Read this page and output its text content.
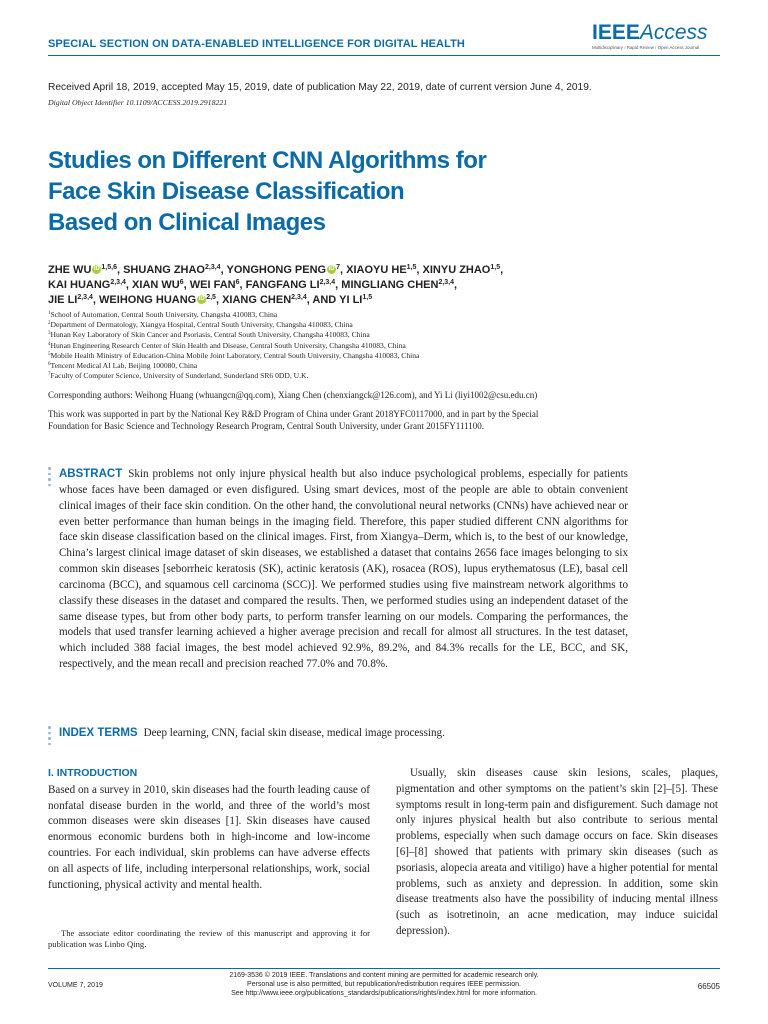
SPECIAL SECTION ON DATA-ENABLED INTELLIGENCE FOR DIGITAL HEALTH	IEEEAccess
Multidisciplinary ⁝ Rapid Review ⁝ Open Access Journal
Received April 18, 2019, accepted May 15, 2019, date of publication May 22, 2019, date of current version June 4, 2019.
Digital Object Identifier 10.1109/ACCESS.2019.2918221
Studies on Different CNN Algorithms for
Face Skin Disease Classification
Based on Clinical Images
ZHE WU iD $^{1,5,6}$, SHUANG ZHAO$^{2,3,4}$, YONGHONG PENG iD $^7$, XIAOYU HE$^{1,5}$, XINYU ZHAO$^{1,5}$,
KAI HUANG$^{2,3,4}$, XIAN $WU^6$, WEI FAN$^6$, FANGFANG LI$^{2,3,4}$, MINGLIANG CHEN$^{2,3,4}$,
JIE LI$^{2,3,4}$, WEIHONG HUANG iD $^{2,5}$, XIANG CHEN$^{2,3,4}$, AND YI LI$^{1,5}$
$^1$School of Automation, Central South University, Changsha 410083, China
$^2$Department of Dermatology, Xiangya Hospital, Central South University, Changsha 410083, China
$^3$Hunan Key Laboratory of Skin Cancer and Psoriasis, Central South University, Changsha 410083, China
$^4$Hunan Engineering Research Center of Skin Health and Disease, Central South University, Changsha 410083, China
$^5$Mobile Health Ministry of Education-China Mobile Joint Laboratory, Central South University, Changsha 410083, China
$^6$Tencent Medical AI Lab, Beijing 100080, China
$^7$Faculty of Computer Science, University of Sunderland, Sunderland SR6 0DD, U.K.
Corresponding authors: Weihong Huang (whuangcn@qq.com), Xiang Chen (chenxiangck@126.com), and Yi Li (liyi1002@csu.edu.cn)
This work was supported in part by the National Key R&D Program of China under Grant 2018YFC0117000, and in part by the Special
Foundation for Basic Science and Technology Research Program, Central South University, under Grant 2015FY111100.
ABSTRACT Skin problems not only injure physical health but also induce psychological problems, especially for patients whose faces have been damaged or even disfigured. Using smart devices, most of the people are able to obtain convenient clinical images of their face skin condition. On the other hand, the convolutional neural networks (CNNs) have achieved near or even better performance than human beings in the imaging field. Therefore, this paper studied different CNN algorithms for face skin disease classification based on the clinical images. First, from Xiangya–Derm, which is, to the best of our knowledge, China’s largest clinical image dataset of skin diseases, we established a dataset that contains 2656 face images belonging to six common skin diseases [seborrheic keratosis (SK), actinic keratosis (AK), rosacea (ROS), lupus erythematosus (LE), basal cell carcinoma (BCC), and squamous cell carcinoma (SCC)]. We performed studies using five mainstream network algorithms to classify these diseases in the dataset and compared the results. Then, we performed studies using an independent dataset of the same disease types, but from other body parts, to perform transfer learning on our models. Comparing the performances, the models that used transfer learning achieved a higher average precision and recall for almost all structures. In the test dataset, which included 388 facial images, the best model achieved 92.9%, 89.2%, and 84.3% recalls for the LE, BCC, and SK, respectively, and the mean recall and precision reached 77.0% and 70.8%.
INDEX TERMS Deep learning, CNN, facial skin disease, medical image processing.
I. INTRODUCTION
Based on a survey in 2010, skin diseases had the fourth leading cause of nonfatal disease burden in the world, and three of the world’s most common diseases were skin diseases [1]. Skin diseases have caused enormous economic burdens both in high-income and low-income countries. For each individual, skin problems can have adverse effects on all aspects of life, including interpersonal relationships, work, social functioning, physical activity and mental health.
The associate editor coordinating the review of this manuscript and approving it for publication was Linbo Qing.
Usually, skin diseases cause skin lesions, scales, plaques, pigmentation and other symptoms on the patient’s skin [2]–[5]. These symptoms result in long-term pain and disfigurement. Such damage not only injures physical health but also contribute to serious mental problems, especially when such damage occurs on face. Skin diseases [6]–[8] showed that patients with primary skin diseases (such as psoriasis, alopecia areata and vitiligo) have a higher potential for mental problems, such as anxiety and depression. In addition, some skin disease treatments also have the possibility of inducing mental illness (such as isotretinoin, an acne medication, may induce suicidal depression).
VOLUME 7, 2019
2169-3536 © 2019 IEEE. Translations and content mining are permitted for academic research only.
Personal use is also permitted, but republication/redistribution requires IEEE permission.
See http://www.ieee.org/publications_standards/publications/rights/index.html for more information.
66505
